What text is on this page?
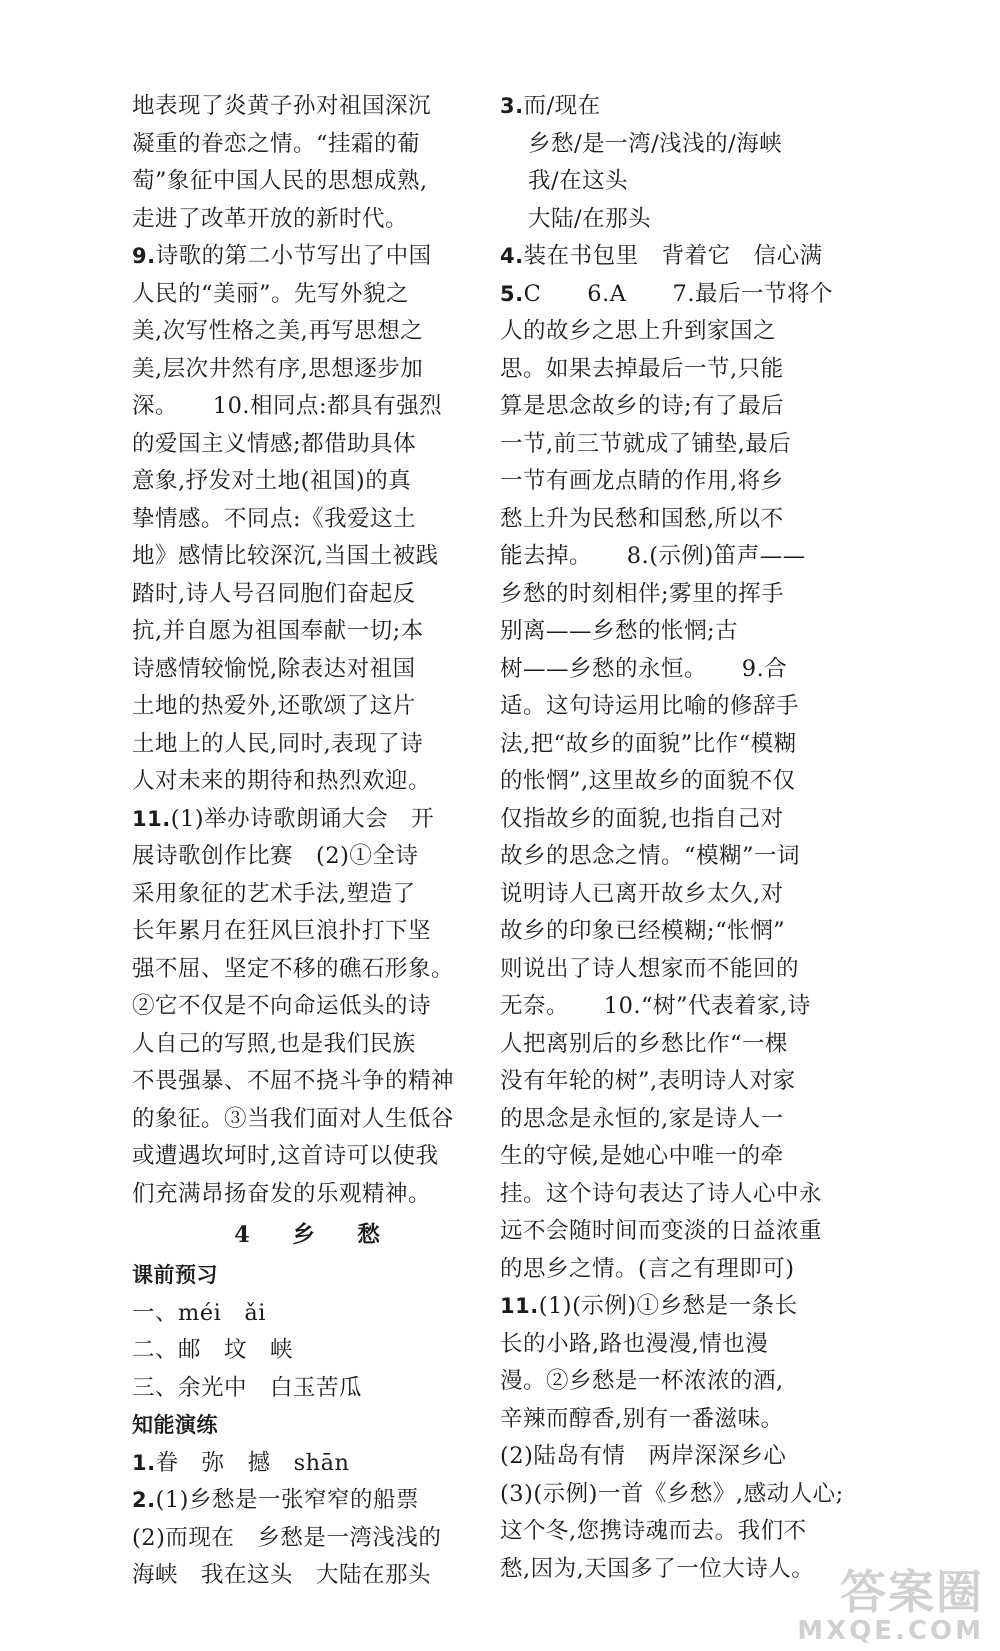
地表现了炎黄子孙对祖国深沉
凝重的眷恋之情。“挂霜的葡
萄”象征中国人民的思想成熟,
走进了改革开放的新时代。
9.诗歌的第二小节写出了中国
人民的“美丽”。先写外貌之
美,次写性格之美,再写思想之
美,层次井然有序,思想逐步加
深。　　10.相同点:都具有强烈
的爱国主义情感;都借助具体
意象,抒发对土地(祖国)的真
挚情感。不同点:《我爱这土
地》感情比较深沉,当国土被践
踏时,诗人号召同胞们奋起反
抗,并自愿为祖国奉献一切;本
诗感情较愉悦,除表达对祖国
土地的热爱外,还歌颂了这片
土地上的人民,同时,表现了诗
人对未来的期待和热烈欢迎。
11.(1)举办诗歌朗诵大会　开
展诗歌创作比赛　(2)①全诗
采用象征的艺术手法,塑造了
长年累月在狂风巨浪扑打下坚
强不屈、坚定不移的礁石形象。
②它不仅是不向命运低头的诗
人自己的写照,也是我们民族
不畏强暴、不屈不挠斗争的精神
的象征。③当我们面对人生低谷
或遭遇坎坷时,这首诗可以使我
们充满昂扬奋发的乐观精神。
4　乡　愁
课前预习
一、méi　ǎi
二、邮　坟　峡
三、余光中　白玉苦瓜
知能演练
1.眷　弥　撼　shān
2.(1)乡愁是一张窄窄的船票
(2)而现在　乡愁是一湾浅浅的
海峡　我在这头　大陆在那头
3.而/现在
乡愁/是一湾/浅浅的/海峡
我/在这头
大陆/在那头
4.装在书包里　背着它　信心满
5.C　　6.A　　7.最后一节将个
人的故乡之思上升到家国之
思。如果去掉最后一节,只能
算是思念故乡的诗;有了最后
一节,前三节就成了铺垫,最后
一节有画龙点睛的作用,将乡
愁上升为民愁和国愁,所以不
能去掉。　　8.(示例)笛声——
乡愁的时刻相伴;雾里的挥手
别离——乡愁的怅惘;古
树——乡愁的永恒。　　9.合
适。这句诗运用比喻的修辞手
法,把“故乡的面貌”比作“模糊
的怅惘”,这里故乡的面貌不仅
仅指故乡的面貌,也指自己对
故乡的思念之情。“模糊”一词
说明诗人已离开故乡太久,对
故乡的印象已经模糊;“怅惘”
则说出了诗人想家而不能回的
无奈。　　10.“树”代表着家,诗
人把离别后的乡愁比作“一棵
没有年轮的树”,表明诗人对家
的思念是永恒的,家是诗人一
生的守候,是她心中唯一的牵
挂。这个诗句表达了诗人心中永
远不会随时间而变淡的日益浓重
的思乡之情。(言之有理即可)
11.(1)(示例)①乡愁是一条长
长的小路,路也漫漫,情也漫
漫。②乡愁是一杯浓浓的酒,
辛辣而醇香,别有一番滋味。
(2)陆岛有情　两岸深深乡心
(3)(示例)一首《乡愁》,感动人心;
这个冬,您携诗魂而去。我们不
愁,因为,天国多了一位大诗人。 答案圈
MXQE.COM
